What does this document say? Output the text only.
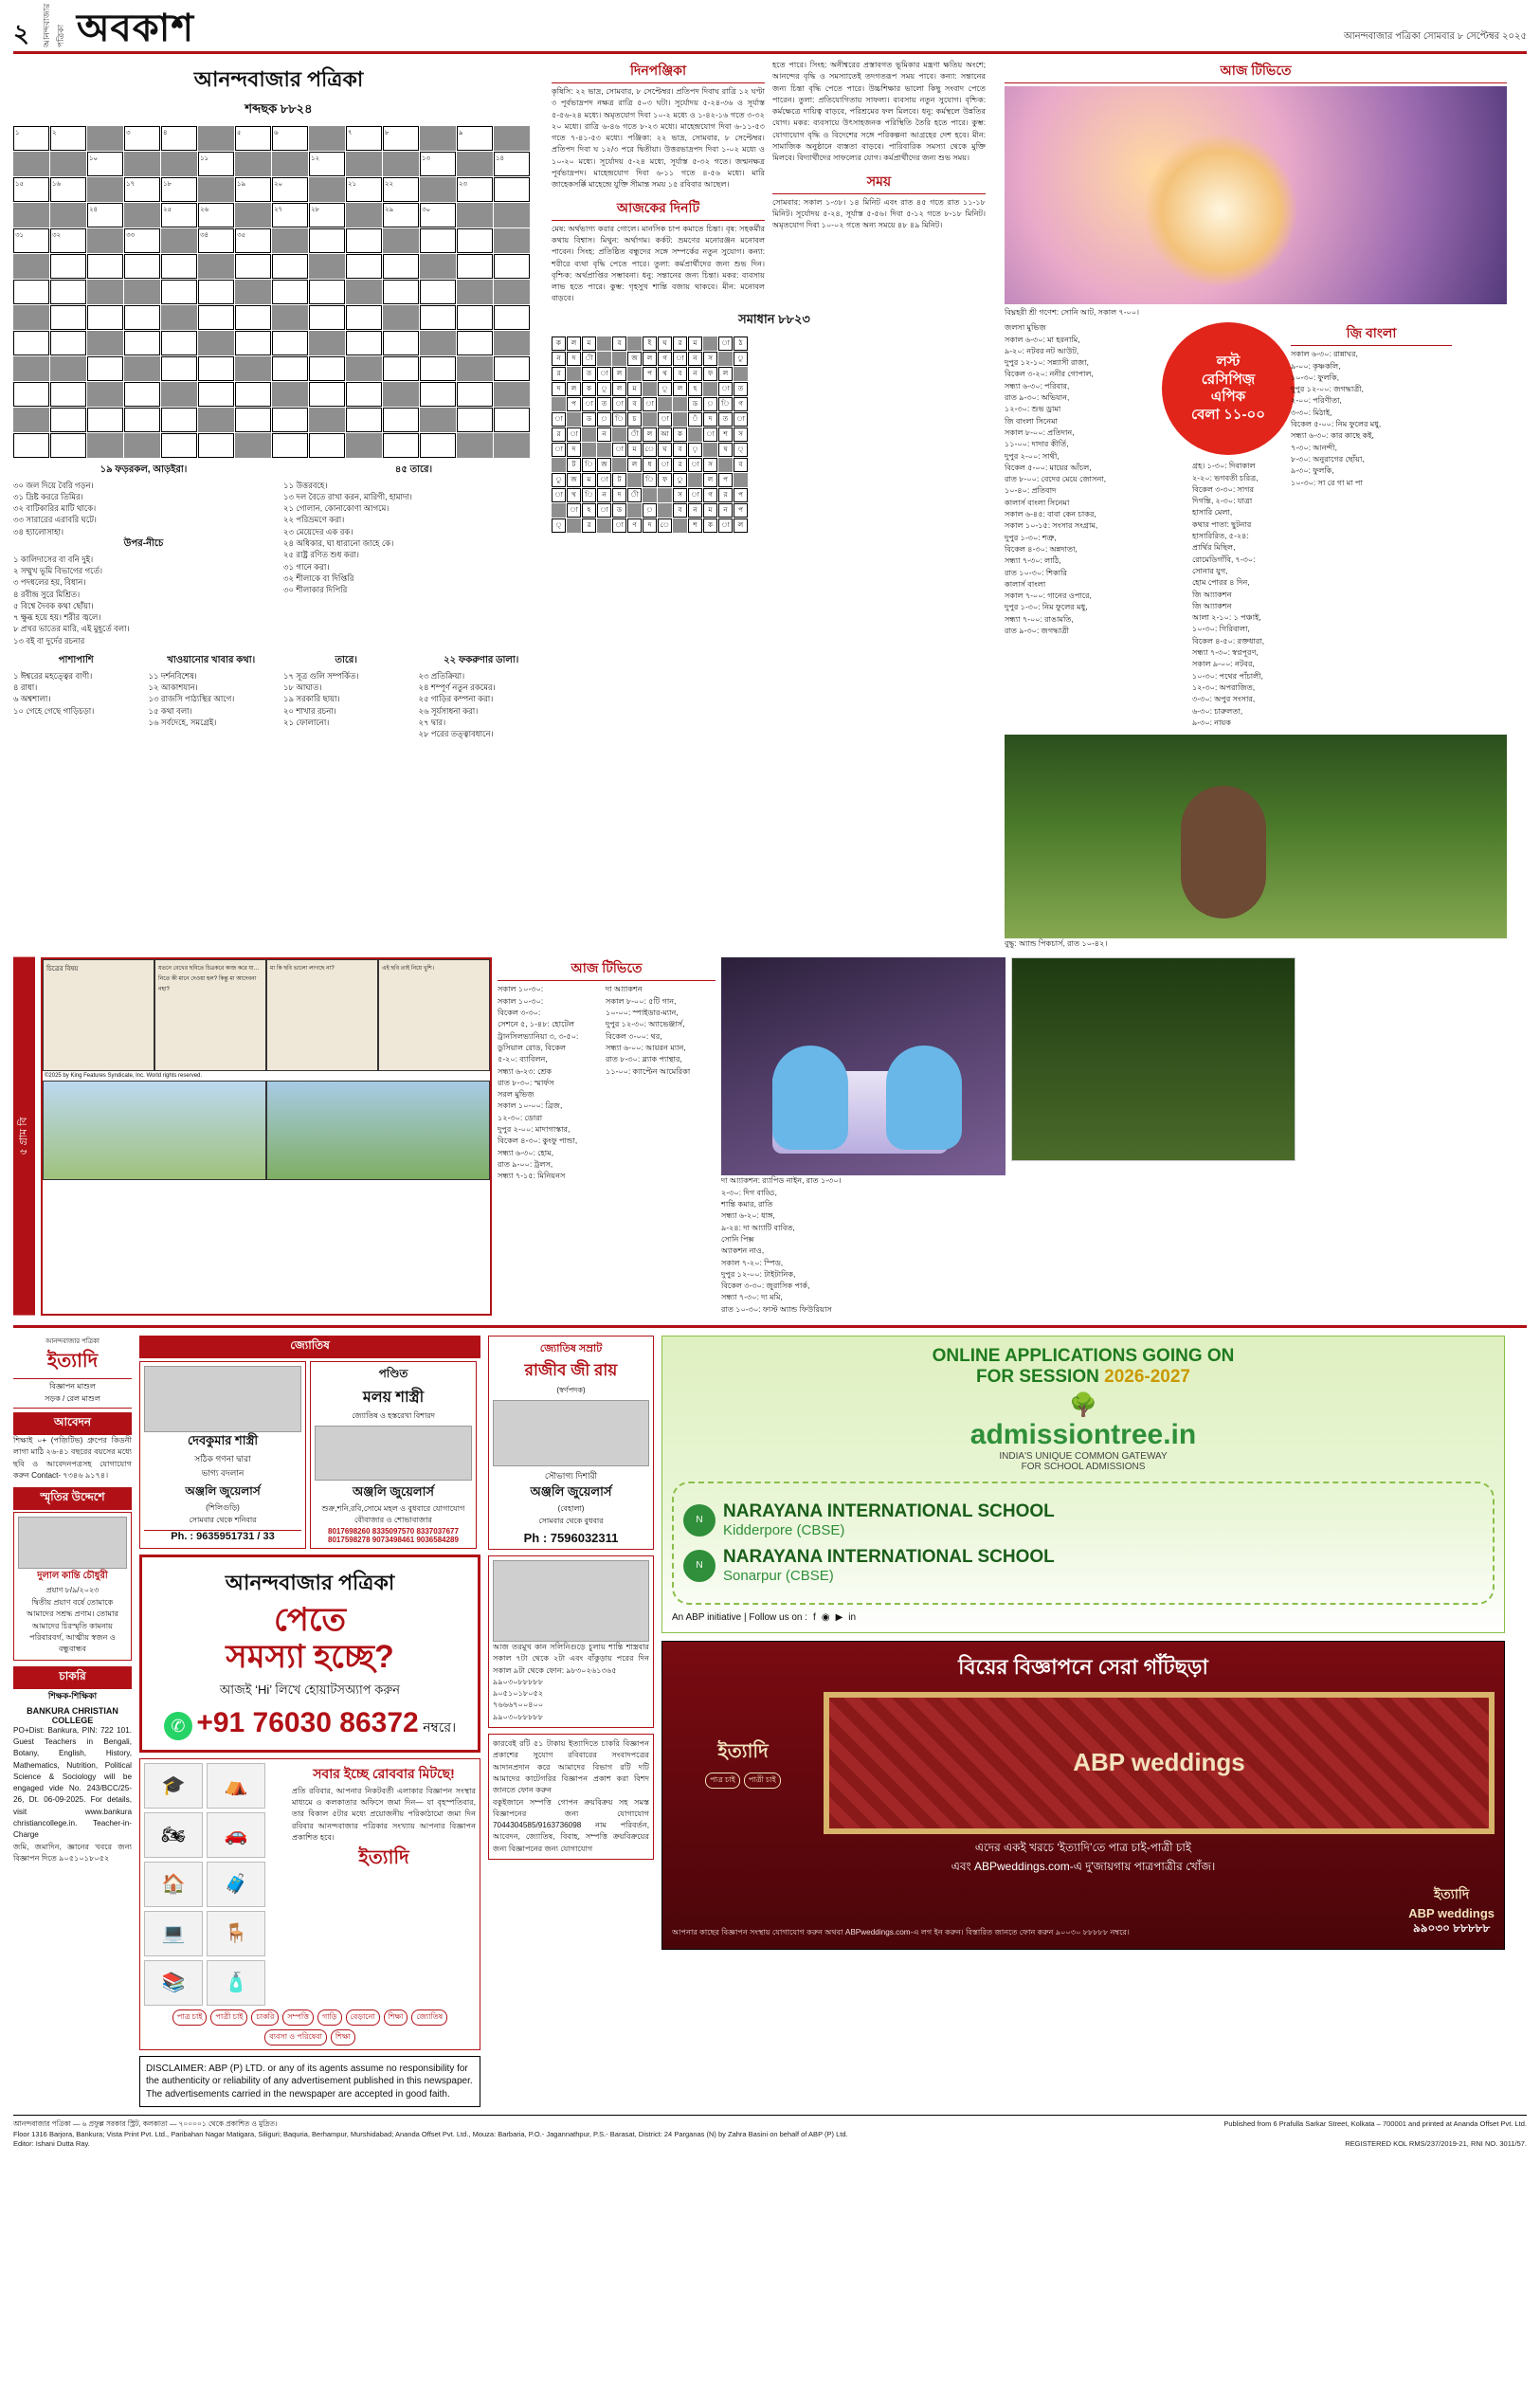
২	আনন্দবাজার পত্রিকা অবকাশ	আনন্দবাজার পত্রিকা সোমবার ৮ সেপ্টেম্বর ২০২৫
আনন্দবাজার পত্রিকা
শব্দছক ৮৮২৪
১	২	৩	৪	৫	৬	৭	৮	৯
১০	১১	১২	১৩	১৪
১৫	১৬	১৭	১৮	১৯	২০	২১	২২	২৩
২৪	২৫	২৬	২৭	২৮	২৯	৩০
৩১	৩২	৩৩	৩৪	৩৫
১৯ ফড়রকল, আড়ইরা।
৩০ জল দিয়ে বৈরি গড়ন।
৩১ দ্রিষ্ট কররে তিমির।
৩২ বাটিকারির মাটি থাকে।
৩৩ সারারের এরাবরি ঘটে।
৩৪ হ্যালোসাহা।
উপর-নীচে
১ কালিদাসের বা বনি দুই।
২ সম্মুখ ভূমি বিভাগের গর্তে।
৩ পদধলের হয়, বিধান।
৪ রবীন্দ্র সুরে মিশ্রিত।
৫ বিশ্বে দৈবক কথা ছোঁয়া।
৭ ক্ষুব্ধ হয়ে হয়। শরীর জ্বলে।
৮ প্রখর ভাতের মারি, এই মুহূর্তে বলা।
১৩ বই বা দুর্দের রচনার
৪৫ তারে।
১১ উত্তরবহে।
১৩ দল বৈতে রাখা করন, মারিগী, হামাদা।
২১ গোলান, কোনাকোণা আগমে।
২২ পরিভ্রমণে করা।
২৩ মেয়েদের এক রক।
২৪ অধিকার, ঘা ধারানো জাহে কে।
২৫ রাষ্ট্র রণিত শুধ করা।
৩১ গানে করা।
৩২ শীলাকে বা দিপ্তিরি
৩০ শীলাকার দিপিরি
পাশাপাশি
১ ঈশ্বরের মহত্ত্বের বাণী।
৪ রাধা।
৬ অশ্বশালা।
১০ গেহে গেছে গাড়িচড়া।
খাওয়ানোর খাবার কথা।
১১ দর্শনবিশেষ।
১২ আকাশযান।
১৩ রাজসি পাঠ্যস্থির আগে।
১৫ কথা বলা।
১৬ সর্বদেহে, সমগ্রেই।
তারে।
১৭ সূত্র গুলি সম্পর্কিত।
১৮ আঘাত।
১৯ সরকারি ছায়া।
২০ শাখার রচনা।
২১ ফোলানো।
২২ ফকরুণার ডালা।
২৩ প্রতিক্রিয়া।
২৪ শম্পূর্ণ নতুন রকমের।
২৫ গাড়ির কম্পনা করা।
২৬ সূর্যসাধনা করা।
২৭ দ্বার।
২৮ পরের তত্ত্বাবধানে।
দিনপঞ্জিকা
কৃষিসি: ২২ ভাদ্র, সোমবার, ৮ সেপ্টেম্বর। প্রতিপদ দিবাঘ রাত্রি ১২ ঘণ্টা ৩ পূর্বভাদ্রপদ নক্ষত্র রাত্রি ৫০৩ ঘটা। সূর্যোদয় ৫-২৪-৩৬ ও সূর্যাস্ত ৫-৫৬-২৪ মধ্যে। অমৃতযোগ দিবা ১০-২ মধ্যে ও ১-৪২-১৬ গতে ৩-৩২ ২০ মধ্যে। রাত্রি ৬-৪৬ গতে ৮-২৩ মধ্যে। মাহেন্দ্রযোগ দিবা ৬-১১-৫৩ গতে ৭-৪১-৫৩ মধ্যে। পঞ্জিকা: ২২ ভাদ্র, সোমবার, ৮ সেপ্টেম্বর। প্রতিপদ দিবা ঘ ১২/৩ পরে দ্বিতীয়া। উত্তরভাদ্রপদ দিবা ১-০২ মধ্যে ও ১০-২০ মধ্যে। সূর্যোদয় ৫-২৪ মধ্যে, সূর্যাস্ত ৫-৩২ গতে। জন্মনক্ষত্র পূর্বভাদ্রপদ। মাহেন্দ্রযোগ দিবা ৬-১১ গতে ৪-৫৬ মধ্যে। মারি জাহেকসর্ক্কি মাহেন্দ্রে যুক্তি সীমান্ত সময় ১৫ রবিবার আছেল।
আজকের দিনটি
মেষ: অর্থভাগ্য করার গোলে। মানসিক চাপ কমাতে চিন্তা। বৃষ: সহকর্মীর কথায় বিশ্বাস। মিথুন: অর্থাগম। কর্কট: ভ্রমণের মনোরঞ্জন মনোবল পাবেন। সিংহ: প্রতিষ্ঠিত বন্ধুদের সঙ্গে সম্পর্কের নতুন সুযোগ। কন্যা: শরীরে ব্যথা বৃদ্ধি পেতে পারে। তুলা: কর্মপ্রার্থীদের জন্য শুভ দিন। বৃশ্চিক: অর্থপ্রাপ্তির সম্ভাবনা। ধনু: সন্তানের জন্য চিন্তা। মকর: ব্যবসায় লাভ হতে পারে। কুম্ভ: গৃহসুখ শান্তি বজায় থাকবে। মীন: মনোবল বাড়বে।
হতে পারে। সিংহ: অনীশ্বরের প্রস্তাবগত ভূমিকার মন্ত্রণা ক্ষতিয় অংশে; আনন্দের বৃদ্ধি ও সমস্যাতেই তদগতরূপ সময় পাবে। কন্যা: সন্তানের জন্য চিন্তা বৃদ্ধি পেতে পারে। উচ্চশিক্ষার ভালো কিছু সংবাদ পেতে পারেন। তুলা: প্রতিযোগিতায় সাফল্য। ব্যবসায় নতুন সুযোগ। বৃশ্চিক: কর্মক্ষেত্রে দায়িত্ব বাড়বে, পরিশ্রমের ফল মিলবে। ধনু: কর্মস্থলে উন্নতির যোগ। মকর: ব্যবসায়ে উৎসাহজনক পরিস্থিতি তৈরি হতে পারে। কুম্ভ: যোগাযোগ বৃদ্ধি ও বিদেশের সঙ্গে পরিকল্পনা আগ্রহের দেশ হবে। মীন: সামাজিক অনুষ্ঠানে ব্যস্ততা বাড়বে। পারিবারিক সমস্যা থেকে মুক্তি মিলবে। বিদ্যার্থীদের সাফল্যের যোগ। কর্মপ্রার্থীদের জন্য শুভ সময়।
সময়
সোমবার: সকাল ১-৩৮। ১৪ মিনিট এবং রাত ৪৫ গতে রাত ১১-১৮ মিনিট। সূর্যোদয় ৫-২৪, সূর্যাস্ত ৫-৫৬। দিবা ৫-১২ গতে ৮-১৮ মিনিট। অমৃতযোগ দিবা ১০-০২ গতে অন্য সময়ে ৪৮ ৪৯ মিনিট।
সমাধান ৮৮২৩
ক	ল	ম	ব	ই	ঘ	র	ম	া	ঠ
ন	দ	ী	জ	ল	গ	া	ন	স	ু
র	ত	া	ল	প	থ	ব	ন	ফ	ল
দ	ল	ক	ূ	ল	ম	ূ	ল	হ	া	ত
প	া	ত	া	ব	া	ড	়	ি	গ
া	ড	়	ি	চ	া	ঁ	দ	ত	া
র	া	ন	ী	ল	আ	ক	া	শ	স
া	দ	া	ম	ে	ঘ	ব	ৃ	ষ	্
ট	ি	জ	ল	ধ	া	র	া	স	ব
ু	জ	ম	া	ট	ি	ফ	ু	ল	প
া	খ	ি	ন	দ	ী	স	া	গ	র	প
া	হ	া	ড	়	ব	ন	ম	ন	প
্	র	া	ণ	দ	ে	শ	ক	া	ল
আজ টিভিতে
বিঘ্নহরী শ্রী গণেশ: সোনি আট, সকাল ৭-০০।
জলসা মুভিজ়
সকাল ৬-৩০: মা হরনামি,
৯-২০: নটবর নট আউট,
দুপুর ১২-১০: সন্ন্যাসী রাজা,
বিকেল ৩-২০: ননীর গোপাল,
সন্ধ্যা ৬-৩০: পরিবার,
রাত ৯-৩০: অভিযান,
১২-৩০: শুভ ড্রামা
জি বাংলা সিনেমা
সকাল ৮-০০: প্রতিদান,
১১-০০: দাদার কীর্তি,
দুপুর ২-০০: সাথী,
বিকেল ৫-০০: মায়ের আঁচল,
রাত ৮-০০: বেদের মেয়ে জোসনা,
১০-৪০: প্রতিবাদ
কালার্স বাংলা সিনেমা
সকাল ৬-৪৫: বাবা কেন চাকর,
সকাল ১০-১৫: সংসার সংগ্রাম,
দুপুর ১-৩০: শত্রু,
বিকেল ৪-৩০: অন্নদাতা,
সন্ধ্যা ৭-৩০: লাঠি,
রাত ১০-৩০: শিকারি
কালার্স বাংলা
সকাল ৭-০০: গানের ওপারে,
দুপুর ১-৩০: নিম ফুলের মধু,
সন্ধ্যা ৭-০০: রাঙামতি,
রাত ৯-৩০: জগদ্ধাত্রী
লস্ট
রেসিপিজ়
এপিক
বেলা ১১-০০
গ্রহ। ১-৩০: দিবাকাল
২-২০: ভগবতী চরিত্র,
বিকেল ৩-৩০: সাগর
দিগন্তি, ২-৩০: যাত্রা
হাসারি মেলা,
কথার পাতা: ছুটনার
হাসারিরিত, ৫-২৪:
প্রার্থির মিছিল,
রোমেডিগাঁবি, ৭-৩০:
সোনার যুগ,
হোম পোরর ৪ দিন,
জি আ্যাকশন
জি আ্যাকশন
আলা ২-১০: ১ পঞ্চাই,
১০-৩০: গিরিবালা,
বিকেল ৪-৫০: রক্তধারা,
সন্ধ্যা ৭-৩০: স্বপ্নপূরণ,
সকাল ৯-০০: নটবর,
১০-৩০: পথের পাঁচালী,
১২-৩০: অপরাজিত,
৩-৩০: অপুর সংসার,
৬-৩০: চারুলতা,
৯-৩০: নায়ক
জ়ি বাংলা
সকাল ৬-৩০: রান্নাঘর,
৯-০০: কৃষ্ণকলি,
১০-৩০: ফুলকি,
দুপুর ১২-০০: জগদ্ধাত্রী,
২-০০: পরিণীতা,
৩-৩০: মিঠাই,
বিকেল ৫-০০: নিম ফুলের মধু,
সন্ধ্যা ৬-৩০: কার কাছে কই,
৭-৩০: আনন্দী,
৮-৩০: অনুরাগের ছোঁয়া,
৯-৩০: ফুলকি,
১০-৩০: সা রে গা মা পা
বুদ্ধু: অ্যান্ড পিকচার্স, রাত ১০-৪২।
৫ গ্রাম বি
চিত্রের বিষয়	যতনে বেখের ছবিতে চিত্রকরে কাজ করে যা… নিতে কী মানে দেওয়া হল? কিন্তু মা আদেবনা নহা?
মা কি ছবি ভালো লাগছে না?	এই ছবি তাই নিয়ে খুশি।
©2025 by King Features Syndicate, Inc. World rights reserved.
আজ টিভিতে
সকাল ১০-৩০:
সকাল ১০-৩০:
বিকেল ৩-৩০:
সেশনে ৫, ১-৪৮: হোটেল
ট্রানসিলভ্যানিয়া ৩, ৩-৫০:
ডুসিয়াল রোড, বিকেল
৫-২০: ব্যাবিলন,
সন্ধ্যা ৬-২৩: শ্রেক
রাত ৮-৩০: স্মার্ফস
সরল মুভিজ়
সকাল ১০-০০: ব্রিজ,
১২-৩০: ডোরা
দুপুর ২-০০: মাদাগাস্কার,
বিকেল ৪-৩০: কুংফু পান্ডা,
সন্ধ্যা ৬-৩০: হোম,
রাত ৯-০০: ট্রলস,
সন্ধ্যা ৭-১৫: মিনিয়নস
দা আ্যাকশন
সকাল ৮-০০: ৫টি গান,
১০-০০: স্পাইডার-ম্যান,
দুপুর ১২-৩০: অ্যাভেঞ্জার্স,
বিকেল ৩-০০: থর,
সন্ধ্যা ৬-০০: আয়রন ম্যান,
রাত ৮-৩০: ব্ল্যাক প্যান্থার,
১১-০০: ক্যাপ্টেন আমেরিকা
দা আ্যাকশন: র‌্যাপিড নাইন, রাত ১-৩০।
২-৩০: দিগ বাড্ডি,
শান্তি কমার, রাতি
সন্ধ্যা ৬-২০: ধাঙ্গ,
৯-২৪: দা আ্যাটি বাবিত,
সোনি পিক্স
অ্যাকশন নাও,
সকাল ৭-২০: স্পিড,
দুপুর ১২-০০: টাইটানিক,
বিকেল ৩-৩০: জুরাসিক পার্ক,
সন্ধ্যা ৭-৩০: দ্য মমি,
রাত ১০-৩০: ফাস্ট অ্যান্ড ফিউরিয়াস
আনন্দবাজার পত্রিকা
ইত্যাদি
বিজ্ঞাপন মাশুল
সড়ক / রেল মাশুল
আবেদন
শিক্ষাই ০+ (পজ়িটিভ) গ্রুপের কিডনী লাগা মাঠি ২৬-৪১ বছরের বয়সের মধ্যে ছবি ও আবেদনপত্রসহ যোগাযোগ করুন Contact- ৭৩৪৬ ৯১৭৪।
স্মৃতির উদ্দেশে
দুলাল কান্তি চৌধুরী
প্রয়াণ ৮/৯/২০২৩
দ্বিতীয় প্রয়াণ বর্ষে তোমাকে আমাদের সশ্রদ্ধ প্রণাম। তোমার আমাদের চিরস্মৃতি কামনায় পরিবারবর্গ, আত্মীয় স্বজন ও বন্ধুবান্ধব
চাকরি
শিক্ষক-শিক্ষিকা
BANKURA CHRISTIAN COLLEGE
PO+Dist: Bankura, PIN: 722 101. Guest Teachers in Bengali, Botany, English, History, Mathematics, Nutrition, Political Science & Sociology will be engaged vide No. 243/BCC/25-26, Dt. 06-09-2025. For details, visit www.bankura christiancollege.in. Teacher-in-Charge
জমি, জমাদিন, জ্ঞানের খবরে জন্য বিজ্ঞাপন দিতে ৯০৫১০১৮০৫২
জ্যোতিষ
দেবকুমার শাস্ত্রী
সঠিক গণনা দ্বারা
ভাগ্য বদলান
অঞ্জলি জুয়েলার্স
(শিলিগুড়ি)
সোমবার থেকে শনিবার
Ph. : 9635951731 / 33
পণ্ডিত
মলয় শাস্ত্রী
জ্যোতিষ ও হস্তরেখা বিশারদ
অঞ্জলি জুয়েলার্স
শুক্র,শনি,রবি,সোমে মহল ও বুধবারে যোগাযোগ বৌবাজার ও শোভাবাজার
8017698260 8335097570 8337037677
8017598278 9073498461 9036584289
আনন্দবাজার পত্রিকা
পেতে
সমস্যা হচ্ছে?
আজই ‘Hi’ লিখে হোয়াটসঅ্যাপ করুন
✆ +91 76030 86372 নম্বরে।
🎓	⛺
🏍	🚗
🏠	🧳
💻	🪑
📚	🧴
সবার ইচ্ছে রোববার মিটছে!
প্রতি রবিবার, আপনার নিকটবর্তী এলাকার বিজ্ঞাপন সংস্থার মাধ্যমে ও কলকাতার অফিসে জমা দিন— যা বৃহস্পতিবার, তার বিকাল ৫টার মধ্যে প্রয়োজনীয় পরিকাঠামো জমা দিন রবিবার আনন্দবাজার পত্রিকার সংখ্যায় আপনার বিজ্ঞাপন প্রকাশিত হবে।
ইত্যাদি
পাত্র চাই	পাত্রী চাই	চাকরি	সম্পত্তি	গাড়ি	বেড়ানো	শিক্ষা	জ্যোতিষ
ব্যবসা ও পরিষেবা	শিক্ষা
DISCLAIMER: ABP (P) LTD. or any of its agents assume no responsibility for the authenticity or reliability of any advertisement published in this newspaper. The advertisements carried in the newspaper are accepted in good faith.
জ্যোতিষ সম্রাট
রাজীব জী রায়
(স্বর্ণপদক)
সৌভাগ্য দিশারী
অঞ্জলি জুয়েলার্স
(বেহালা)
সোমবার থেকে বুধবার
Ph : 7596032311
আজ তরমুখ কান সলিনিগুড়ে চুলায় শান্তি শাস্ত্রবার সকাল ৭টা থেকে ২টা এবং বাঁকুড়ায় পরের দিন সকাল ৯টা থেকে ফোন: ৯৮৩০২৬১৩৬৫
৯৯০৩০৮৮৮৮৮
৯০৫১০১৮০৫২
৭৬৬৬৭০০৪০০
৯৯০৩০৮৮৮৮৮
কারবেই রটি ৫১ টাকায় ইত্যাদিতে চাকরি বিজ্ঞাপন প্রকাশের সুযোগ রবিবারের সংবাদপত্রের আদানপ্রদান করে আমাদের বিভাগ রটি দটি আমাদের কাটেগরির বিজ্ঞাপন প্রকাশ করা বিশদ জানতে ফোন করুন
বকুইজানে সম্পত্তি গোপন ক্রয়বিক্রয় সহ সমস্ত বিজ্ঞাপনের জন্য যোগাযোগ 7044304585/9163736098 নাম পরিবর্তন, আবেদন, জ্যোতিষ, বিবাহ, সম্পত্তি ক্রয়বিক্রয়ের জন্য বিজ্ঞাপনের জন্য যোগাযোগ
ONLINE APPLICATIONS GOING ON
FOR SESSION 2026-2027
🌳
admissiontree.in
INDIA'S UNIQUE COMMON GATEWAY
FOR SCHOOL ADMISSIONS
N	NARAYANA INTERNATIONAL SCHOOL
Kidderpore (CBSE)
N	NARAYANA INTERNATIONAL SCHOOL
Sonarpur (CBSE)
An ABP initiative | Follow us on : f ◉ ▶ in
বিয়ের বিজ্ঞাপনে সেরা গাঁটছড়া
ইত্যাদি
পাত্র চাই	পাত্রী চাই
ABP weddings
এদের একই খরচে ‘ইত্যাদি’তে পাত্র চাই-পাত্রী চাই
এবং ABPweddings.com-এ দু'জায়গায় পাত্রপাত্রীর খোঁজ।
আপনার কাছের বিজ্ঞাপন সংস্থায় যোগাযোগ করুন অথবা ABPweddings.com-এ লগ ইন করুন। বিস্তারিত জানতে ফোন করুন ৯০০৩০ ৮৮৮৮৮ নম্বরে।
ইত্যাদি
ABP weddings
৯৯০৩০ ৮৮৮৮৮
আনন্দবাজার পত্রিকা — ৬ প্রফুল্ল সরকার স্ট্রিট, কলকাতা — ৭০০০০১ থেকে প্রকাশিত ও মুদ্রিত।	Published from 6 Prafulla Sarkar Street, Kolkata – 700001 and printed at Ananda Offset Pvt. Ltd.
Floor 1316 Barjora, Bankura; Vista Print Pvt. Ltd., Paribahan Nagar Matigara, Siliguri; Baquria, Berhampur, Murshidabad; Ananda Offset Pvt. Ltd., Mouza: Barbaria, P.O.- Jagannathpur, P.S.- Barasat, District: 24 Parganas (N) by Zahra Basini on behalf of ABP (P) Ltd.
Editor: Ishani Dutta Ray.	REGISTERED KOL RMS/237/2019-21, RNI NO. 3011/57.
